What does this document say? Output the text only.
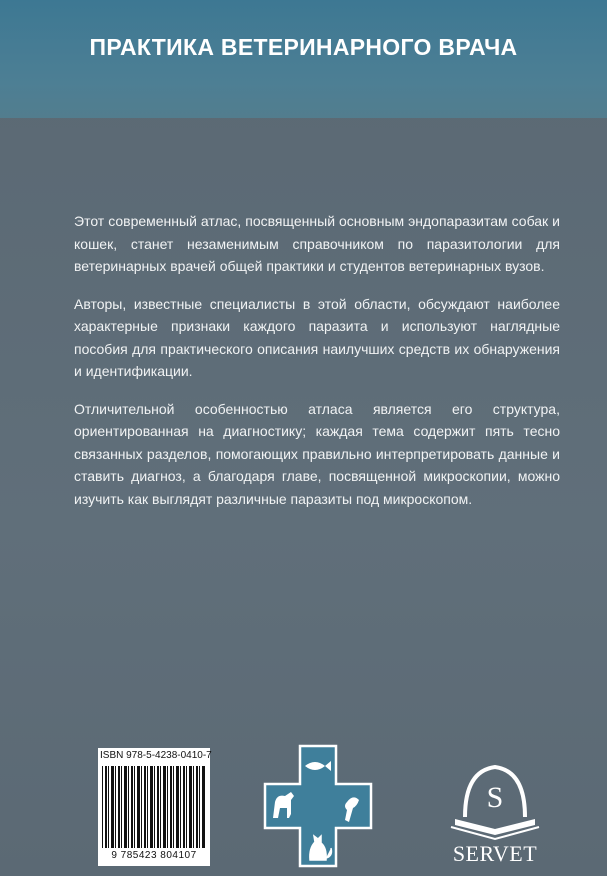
ПРАКТИКА ВЕТЕРИНАРНОГО ВРАЧА

Этот современный атлас, посвященный основным эндопаразитам собак и кошек, станет незаменимым справочником по паразитологии для ветеринарных врачей общей практики и студентов ветеринарных вузов.

Авторы, известные специалисты в этой области, обсуждают наиболее характерные признаки каждого паразита и используют наглядные пособия для практического описания наилучших средств их обнаружения и идентификации.

Отличительной особенностью атласа является его структура, ориентированная на диагностику; каждая тема содержит пять тесно связанных разделов, помогающих правильно интерпретировать данные и ставить диагноз, а благодаря главе, посвященной микроскопии, можно изучить как выглядят различные паразиты под микроскопом.

ISBN 978-5-4238-0410-7
9 785423 804107
S
SERVET
